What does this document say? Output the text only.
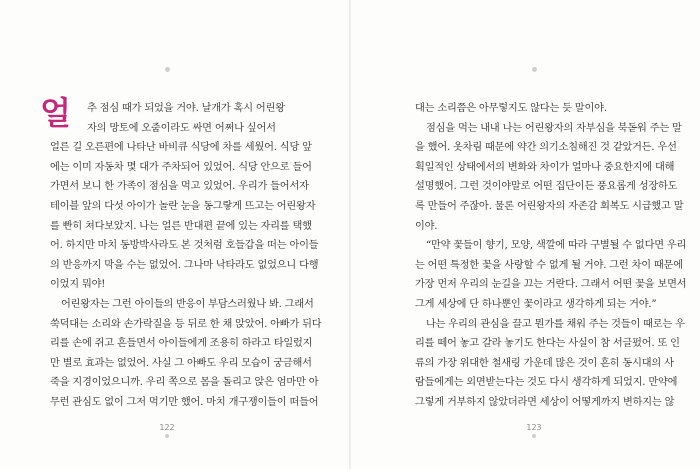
얼	추 점심 때가 되었을 거야. 날개가 혹시 어린왕
자의 망토에 오줌이라도 싸면 어쩌나 싶어서
얼른 길 오른편에 나타난 바비큐 식당에 차를 세웠어. 식당 앞
에는 이미 자동차 몇 대가 주차되어 있었어. 식당 안으로 들어
가면서 보니 한 가족이 점심을 먹고 있었어. 우리가 들어서자
테이블 앞의 다섯 아이가 놀란 눈을 동그랗게 뜨고는 어린왕자
를 빤히 쳐다보았지. 나는 얼른 반대편 끝에 있는 자리를 택했
어. 하지만 마치 동방박사라도 본 것처럼 호들갑을 떠는 아이들
의 반응까지 막을 수는 없었어. 그나마 낙타라도 없었으니 다행
이었지 뭐야!
어린왕자는 그런 아이들의 반응이 부담스러웠나 봐. 그래서
쑥덕대는 소리와 손가락질을 등 뒤로 한 채 앉았어. 아빠가 뒤다
리를 손에 쥐고 흔들면서 아이들에게 조용히 하라고 타일렀지
만 별로 효과는 없었어. 사실 그 아빠도 우리 모습이 궁금해서
죽을 지경이었으니까. 우리 쪽으로 몸을 돌리고 앉은 엄마만 아
무런 관심도 없이 그저 먹기만 했어. 마치 개구쟁이들이 떠들어
122
대는 소리쯤은 아무렇지도 않다는 듯 말이야.
점심을 먹는 내내 나는 어린왕자의 자부심을 북돋워 주는 말
을 했어. 옷차림 때문에 약간 의기소침해진 것 같았거든. 우선
획일적인 상태에서의 변화와 차이가 얼마나 중요한지에 대해
설명했어. 그런 것이야말로 어떤 집단이든 풍요롭게 성장하도
록 만들어 주잖아. 물론 어린왕자의 자존감 회복도 시급했고 말
이야.
“만약 꽃들이 향기, 모양, 색깔에 따라 구별될 수 없다면 우리
는 어떤 특정한 꽃을 사랑할 수 없게 될 거야. 그런 차이 때문에
가장 먼저 우리의 눈길을 끄는 거란다. 그래서 어떤 꽃을 보면서
그게 세상에 단 하나뿐인 꽃이라고 생각하게 되는 거야.”
나는 우리의 관심을 끌고 뭔가를 채워 주는 것들이 때로는 우
리를 떼어 놓고 갈라 놓기도 한다는 사실이 참 서글펐어. 또 인
류의 가장 위대한 철새링 가운데 많은 것이 흔히 동시대의 사
람들에게는 외면받는다는 것도 다시 생각하게 되었지. 만약에
그렇게 거부하지 않았더라면 세상이 어떻게까지 변하지는 않
123
